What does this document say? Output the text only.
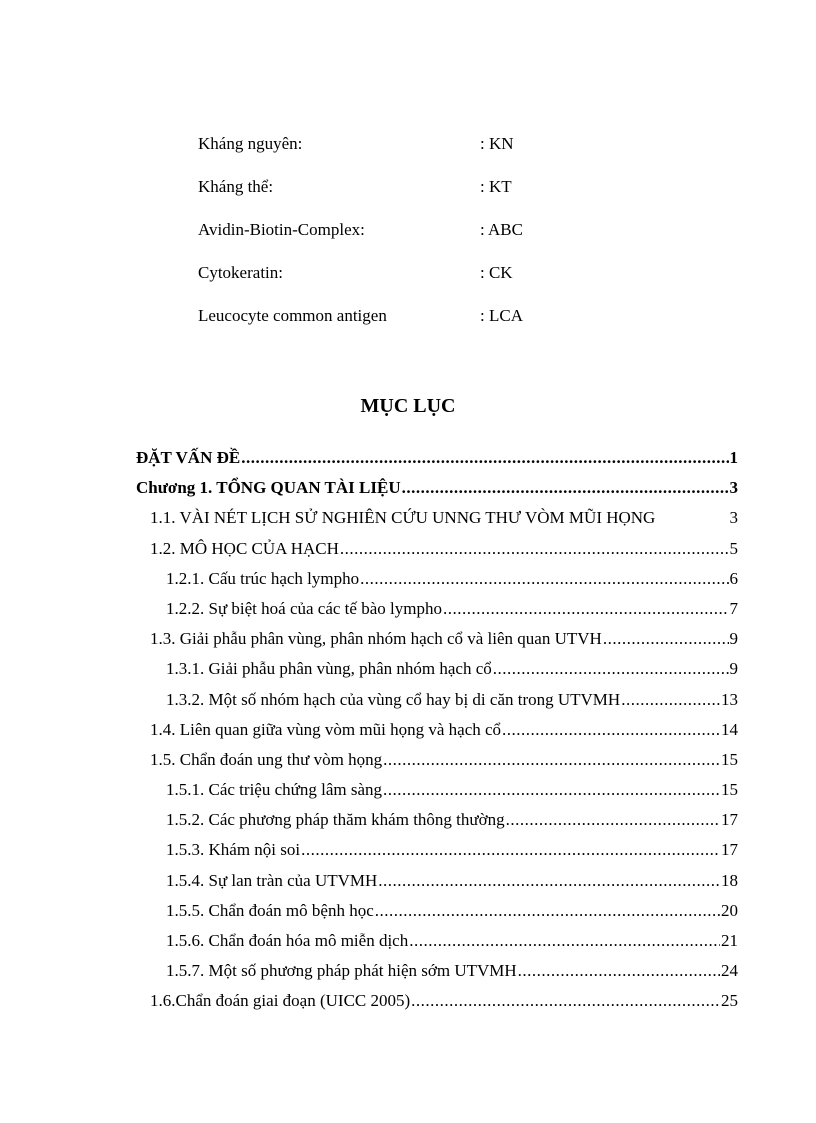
Kháng nguyên:	: KN
Kháng thể:	: KT
Avidin-Biotin-Complex:	: ABC
Cytokeratin:	: CK
Leucocyte common antigen	: LCA
MỤC LỤC
ĐẶT VẤN ĐỀ .....	1
Chương 1. TỔNG QUAN TÀI LIỆU .....	3
1.1. VÀI NÉT LỊCH SỬ NGHIÊN CỨU UNNG THƯ VÒM MŨI HỌNG	3
1.2. MÔ HỌC CỦA HẠCH .....	5
1.2.1. Cấu trúc hạch lympho .....	6
1.2.2. Sự biệt hoá của các tế bào lympho .....	7
1.3. Giải phẫu phân vùng, phân nhóm hạch cổ và liên quan UTVH .....	9
1.3.1. Giải phẫu phân vùng, phân nhóm hạch cổ .....	9
1.3.2. Một số nhóm hạch của vùng cổ hay bị di căn trong UTVMH .....	13
1.4. Liên quan giữa vùng vòm mũi họng và hạch cổ .....	14
1.5. Chẩn đoán ung thư vòm họng .....	15
1.5.1. Các triệu chứng lâm sàng .....	15
1.5.2. Các phương pháp thăm khám thông thường .....	17
1.5.3. Khám nội soi .....	17
1.5.4. Sự lan tràn của UTVMH .....	18
1.5.5. Chẩn đoán mô bệnh học .....	20
1.5.6. Chẩn đoán hóa mô miễn dịch .....	21
1.5.7. Một số phương pháp phát hiện sớm UTVMH .....	24
1.6.Chẩn đoán giai đoạn (UICC 2005) .....	25
